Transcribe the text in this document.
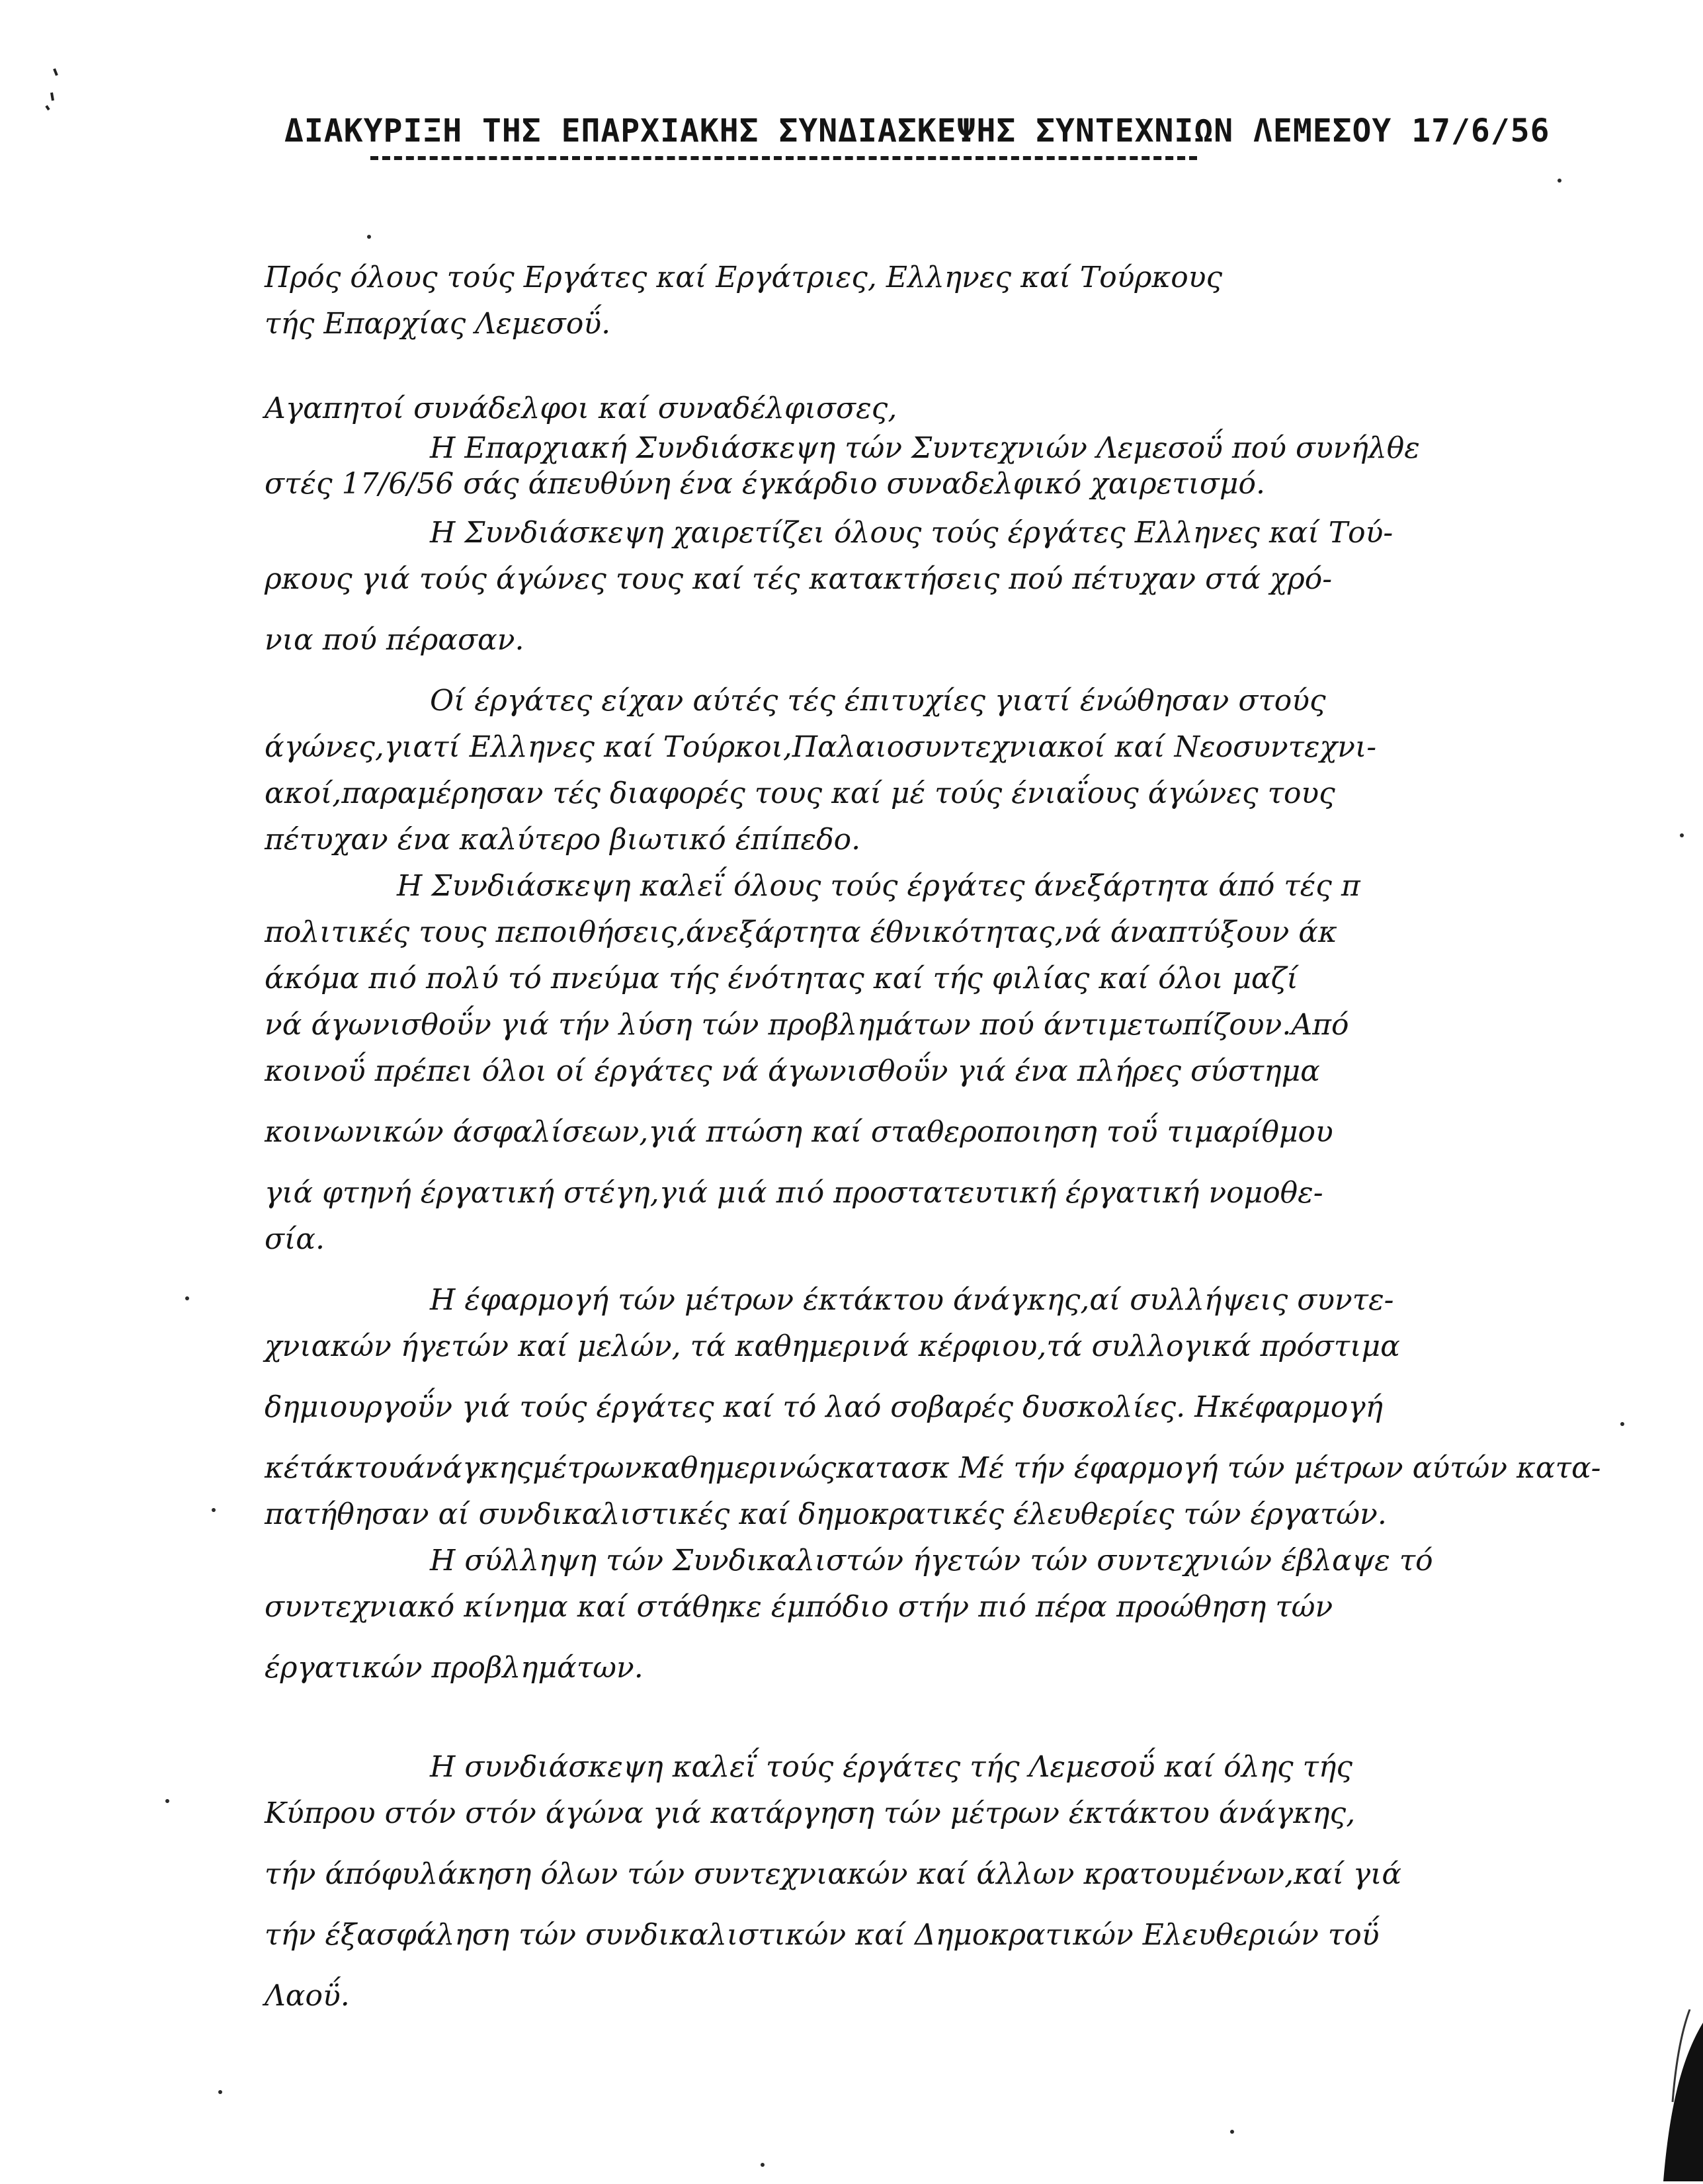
ΔΙΑΚΥΡΙΞΗ ΤΗΣ ΕΠΑΡΧΙΑΚΗΣ ΣΥΝΔΙΑΣΚΕΨΗΣ ΣΥΝΤΕΧΝΙΩΝ ΛΕΜΕΣΟΥ 17/6/56
Πρός όλους τούς Εργάτες καί Εργάτριες, Ελληνες καί Τούρκους
τής Επαρχίας Λεμεσοΰ.
Αγαπητοί συνάδελφοι καί συναδέλφισσες,
Η Επαρχιακή Συνδιάσκεψη τών Συντεχνιών Λεμεσοΰ πού συνήλθε
στές 17/6/56 σάς άπευθύνη ένα έγκάρδιο συναδελφικό χαιρετισμό.
Η Συνδιάσκεψη χαιρετίζει όλους τούς έργάτες Ελληνες καί Τού-
ρκους γιά τούς άγώνες τους καί τές κατακτήσεις πού πέτυχαν στά χρό-
νια πού πέρασαν.
Οί έργάτες είχαν αύτές τές έπιτυχίες γιατί ένώθησαν στούς
άγώνες,γιατί Ελληνες καί Τούρκοι,Παλαιοσυντεχνιακοί καί Νεοσυντεχνι-
ακοί,παραμέρησαν τές διαφορές τους καί μέ τούς ένιαΐους άγώνες τους
πέτυχαν ένα καλύτερο βιωτικό έπίπεδο.
Η Συνδιάσκεψη καλεΐ όλους τούς έργάτες άνεξάρτητα άπό τές π
πολιτικές τους πεποιθήσεις,άνεξάρτητα έθνικότητας,νά άναπτύξουν άκ
άκόμα πιό πολύ τό πνεύμα τής ένότητας καί τής φιλίας καί όλοι μαζί
νά άγωνισθοΰν γιά τήν λύση τών προβλημάτων πού άντιμετωπίζουν.Από
κοινοΰ πρέπει όλοι οί έργάτες νά άγωνισθοΰν γιά ένα πλήρες σύστημα
κοινωνικών άσφαλίσεων,γιά πτώση καί σταθεροποιηση τοΰ τιμαρίθμου
γιά φτηνή έργατική στέγη,γιά μιά πιό προστατευτική έργατική νομοθε-
σία.
Η έφαρμογή τών μέτρων έκτάκτου άνάγκης,αί συλλήψεις συντε-
χνιακών ήγετών καί μελών, τά καθημερινά κέρφιου,τά συλλογικά πρόστιμα
δημιουργοΰν γιά τούς έργάτες καί τό λαό σοβαρές δυσκολίες. Ηκέφαρμογή
κέτάκτουάνάγκηςμέτρωνκαθημερινώςκατασκ Μέ τήν έφαρμογή τών μέτρων αύτών κατα-
πατήθησαν αί συνδικαλιστικές καί δημοκρατικές έλευθερίες τών έργατών.
Η σύλληψη τών Συνδικαλιστών ήγετών τών συντεχνιών έβλαψε τό
συντεχνιακό κίνημα καί στάθηκε έμπόδιο στήν πιό πέρα προώθηση τών
έργατικών προβλημάτων.
Η συνδιάσκεψη καλεΐ τούς έργάτες τής Λεμεσοΰ καί όλης τής
Κύπρου στόν στόν άγώνα γιά κατάργηση τών μέτρων έκτάκτου άνάγκης,
τήν άπόφυλάκηση όλων τών συντεχνιακών καί άλλων κρατουμένων,καί γιά
τήν έξασφάληση τών συνδικαλιστικών καί Δημοκρατικών Ελευθεριών τοΰ
Λαοΰ.
